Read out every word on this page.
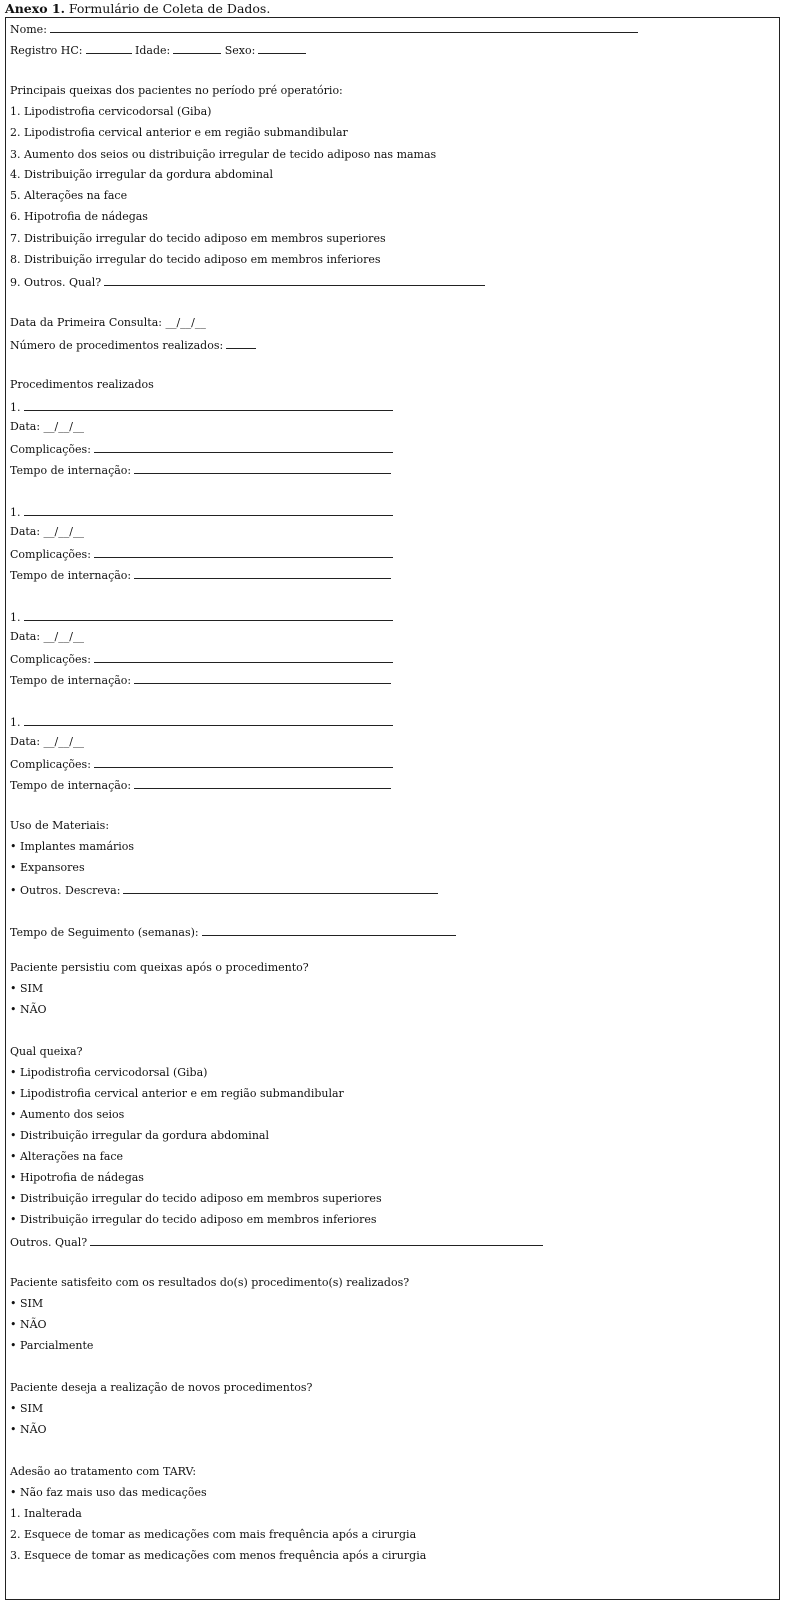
Anexo 1. Formulário de Coleta de Dados.
Nome:
Registro HC:	Idade:	Sexo:
Principais queixas dos pacientes no período pré operatório:
1. Lipodistrofia cervicodorsal (Giba)
2. Lipodistrofia cervical anterior e em região submandibular
3. Aumento dos seios ou distribuição irregular de tecido adiposo nas mamas
4. Distribuição irregular da gordura abdominal
5. Alterações na face
6. Hipotrofia de nádegas
7. Distribuição irregular do tecido adiposo em membros superiores
8. Distribuição irregular do tecido adiposo em membros inferiores
9. Outros. Qual?
Data da Primeira Consulta: __/__/__
Número de procedimentos realizados:
Procedimentos realizados
1.
Data: __/__/__
Complicações:
Tempo de internação:
1.
Data: __/__/__
Complicações:
Tempo de internação:
1.
Data: __/__/__
Complicações:
Tempo de internação:
1.
Data: __/__/__
Complicações:
Tempo de internação:
Uso de Materiais:
• Implantes mamários
• Expansores
• Outros. Descreva:
Tempo de Seguimento (semanas):
Paciente persistiu com queixas após o procedimento?
• SIM
• NÃO
Qual queixa?
• Lipodistrofia cervicodorsal (Giba)
• Lipodistrofia cervical anterior e em região submandibular
• Aumento dos seios
• Distribuição irregular da gordura abdominal
• Alterações na face
• Hipotrofia de nádegas
• Distribuição irregular do tecido adiposo em membros superiores
• Distribuição irregular do tecido adiposo em membros inferiores
Outros. Qual?
Paciente satisfeito com os resultados do(s) procedimento(s) realizados?
• SIM
• NÃO
• Parcialmente
Paciente deseja a realização de novos procedimentos?
• SIM
• NÃO
Adesão ao tratamento com TARV:
• Não faz mais uso das medicações
1. Inalterada
2. Esquece de tomar as medicações com mais frequência após a cirurgia
3. Esquece de tomar as medicações com menos frequência após a cirurgia
